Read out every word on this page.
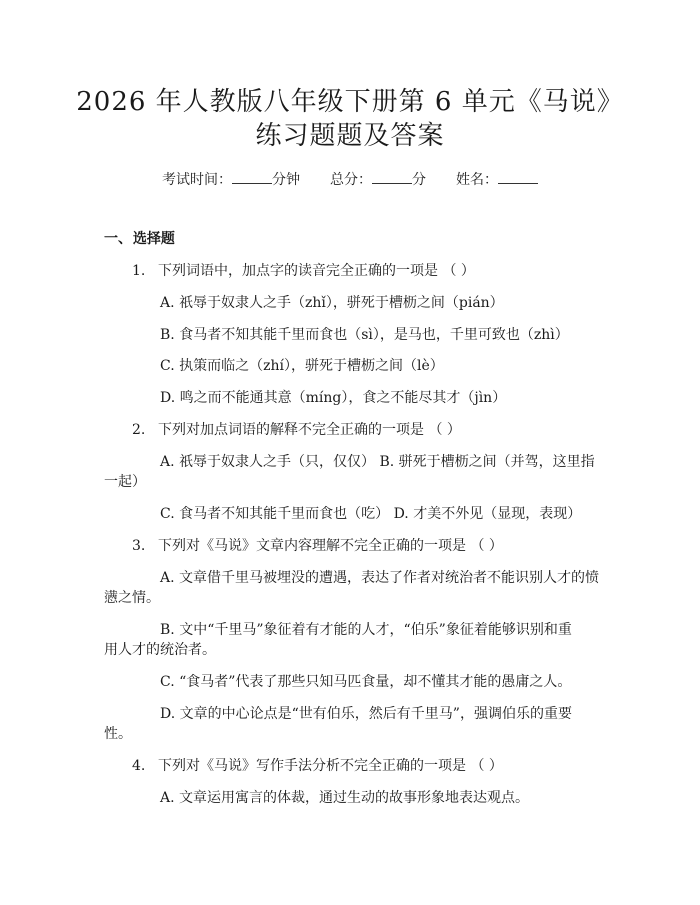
2026 年人教版八年级下册第 6 单元《马说》
练习题题及答案
考试时间：	分钟 总分：	分 姓名：
一、 选择题
1. 下列词语中，加点字的读音完全正确的一项是 （ ）
A. 祇辱于奴隶人之手（zhǐ），骈死于槽枥之间（pián）
B. 食马者不知其能千里而食也（sì），是马也，千里可致也（zhì）
C. 执策而临之（zhí），骈死于槽枥之间（lè）
D. 鸣之而不能通其意（míng），食之不能尽其才（jìn）
2. 下列对加点词语的解释不完全正确的一项是 （ ）
A. 祇辱于奴隶人之手（只，仅仅） B. 骈死于槽枥之间（并驾，这里指
一起）
C. 食马者不知其能千里而食也（吃） D. 才美不外见（显现，表现）
3. 下列对《马说》文章内容理解不完全正确的一项是 （ ）
A. 文章借千里马被埋没的遭遇，表达了作者对统治者不能识别人才的愤
懑之情。
B. 文中“千里马”象征着有才能的人才，“伯乐”象征着能够识别和重
用人才的统治者。
C. “食马者”代表了那些只知马匹食量，却不懂其才能的愚庸之人。
D. 文章的中心论点是“世有伯乐，然后有千里马”，强调伯乐的重要
性。
4. 下列对《马说》写作手法分析不完全正确的一项是 （ ）
A. 文章运用寓言的体裁，通过生动的故事形象地表达观点。
